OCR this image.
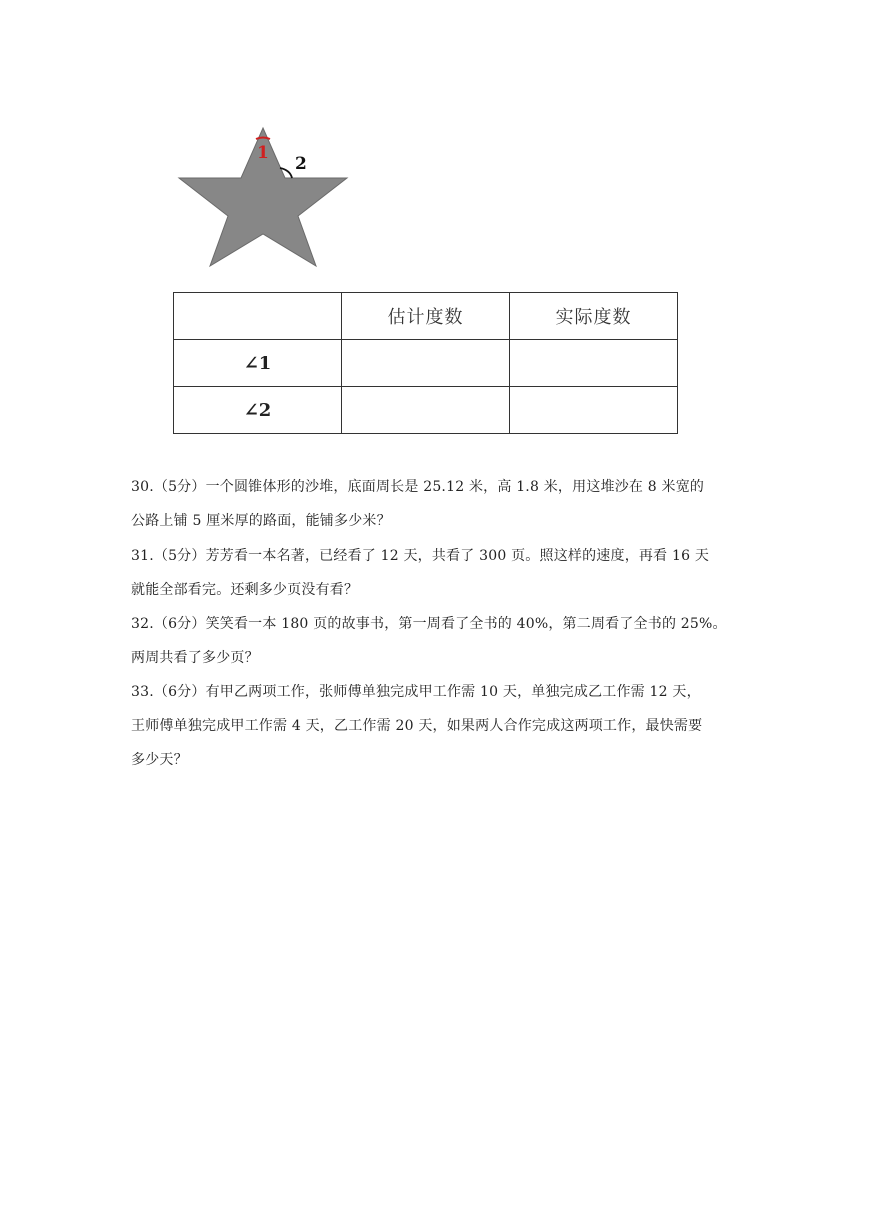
1
2
	估计度数	实际度数
∠1		
∠2		
30.（5分）一个圆锥体形的沙堆，底面周长是 25.12 米，高 1.8 米，用这堆沙在 8 米宽的
公路上铺 5 厘米厚的路面，能铺多少米？
31.（5分）芳芳看一本名著，已经看了 12 天，共看了 300 页。照这样的速度，再看 16 天
就能全部看完。还剩多少页没有看？
32.（6分）笑笑看一本 180 页的故事书，第一周看了全书的 40%，第二周看了全书的 25%。
两周共看了多少页？
33.（6分）有甲乙两项工作，张师傅单独完成甲工作需 10 天，单独完成乙工作需 12 天，
王师傅单独完成甲工作需 4 天，乙工作需 20 天，如果两人合作完成这两项工作，最快需要
多少天？
